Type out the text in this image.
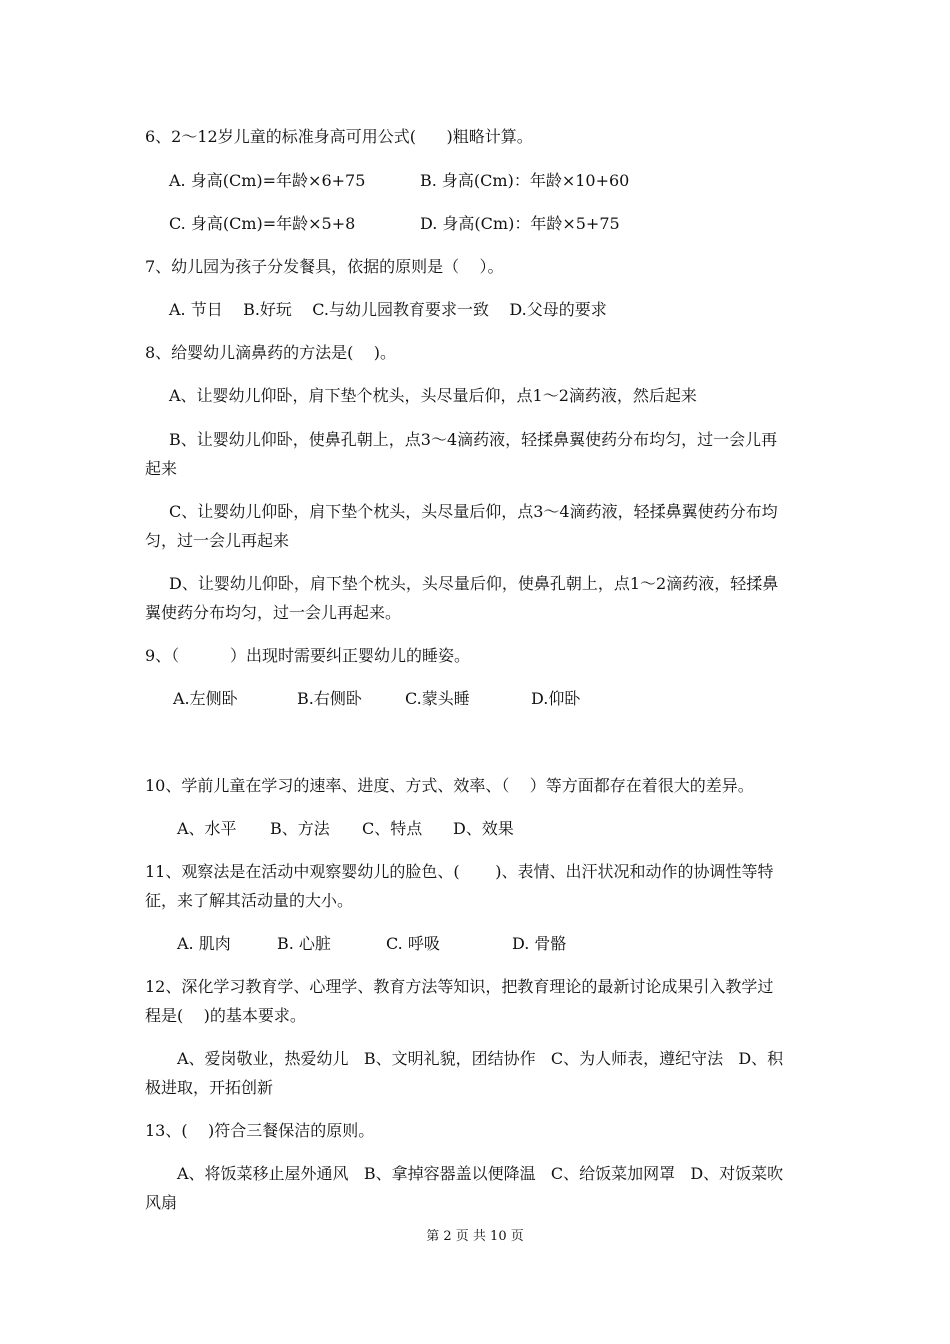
6、2～12岁儿童的标准身高可用公式(      )粗略计算。
A. 身高(Cm)=年龄×6+75	B. 身高(Cm)：年龄×10+60
C. 身高(Cm)=年龄×5+8	D. 身高(Cm)：年龄×5+75
7、幼儿园为孩子分发餐具，依据的原则是（    ）。
A. 节日    B.好玩    C.与幼儿园教育要求一致    D.父母的要求
8、给婴幼儿滴鼻药的方法是(    )。
A、让婴幼儿仰卧，肩下垫个枕头，头尽量后仰，点1～2滴药液，然后起来
B、让婴幼儿仰卧，使鼻孔朝上，点3～4滴药液，轻揉鼻翼使药分布均匀，过一会儿再
起来
C、让婴幼儿仰卧，肩下垫个枕头，头尽量后仰，点3～4滴药液，轻揉鼻翼使药分布均
匀，过一会儿再起来
D、让婴幼儿仰卧，肩下垫个枕头，头尽量后仰，使鼻孔朝上，点1～2滴药液，轻揉鼻
翼使药分布均匀，过一会儿再起来。
9、（          ）出现时需要纠正婴幼儿的睡姿。
A.左侧卧	B.右侧卧	C.蒙头睡	D.仰卧
10、学前儿童在学习的速率、进度、方式、效率、（    ）等方面都存在着很大的差异。
A、水平 B、方法 C、特点 D、效果
11、观察法是在活动中观察婴幼儿的脸色、(       )、表情、出汗状况和动作的协调性等特
征，来了解其活动量的大小。
A. 肌肉	B. 心脏	C. 呼吸	D. 骨骼
12、深化学习教育学、心理学、教育方法等知识，把教育理论的最新讨论成果引入教学过
程是(    )的基本要求。
A、爱岗敬业，热爱幼儿   B、文明礼貌，团结协作   C、为人师表，遵纪守法   D、积
极进取，开拓创新
13、(    )符合三餐保洁的原则。
A、将饭菜移止屋外通风   B、拿掉容器盖以便降温   C、给饭菜加网罩   D、对饭菜吹
风扇
第 2 页 共 10 页
